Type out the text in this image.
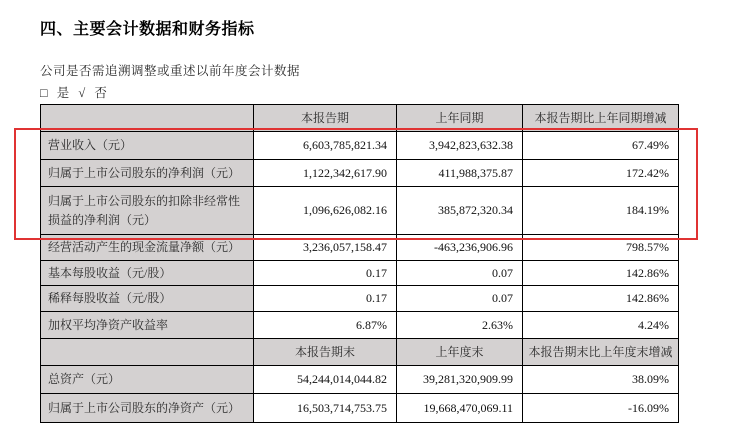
四、主要会计数据和财务指标
公司是否需追溯调整或重述以前年度会计数据
□ 是 √ 否
	本报告期	上年同期	本报告期比上年同期增减
营业收入（元）	6,603,785,821.34	3,942,823,632.38	67.49%
归属于上市公司股东的净利润（元）	1,122,342,617.90	411,988,375.87	172.42%
归属于上市公司股东的扣除非经常性损益的净利润（元）	1,096,626,082.16	385,872,320.34	184.19%
经营活动产生的现金流量净额（元）	3,236,057,158.47	-463,236,906.96	798.57%
基本每股收益（元/股）	0.17	0.07	142.86%
稀释每股收益（元/股）	0.17	0.07	142.86%
加权平均净资产收益率	6.87%	2.63%	4.24%
	本报告期末	上年度末	本报告期末比上年度末增减
总资产（元）	54,244,014,044.82	39,281,320,909.99	38.09%
归属于上市公司股东的净资产（元）	16,503,714,753.75	19,668,470,069.11	-16.09%
